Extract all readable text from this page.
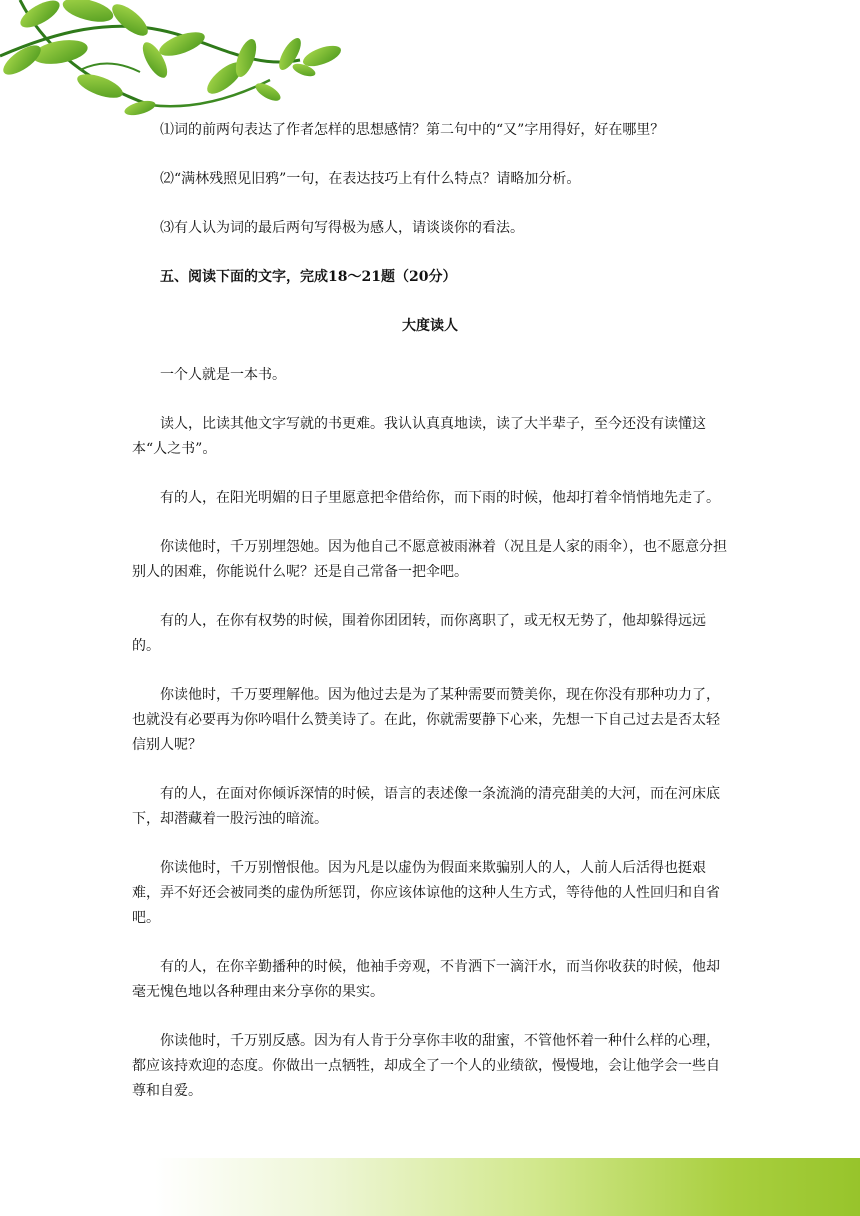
⑴词的前两句表达了作者怎样的思想感情？第二句中的“又”字用得好，好在哪里？

⑵“满林残照见旧鸦”一句，在表达技巧上有什么特点？请略加分析。

⑶有人认为词的最后两句写得极为感人，请谈谈你的看法。

五、阅读下面的文字，完成18～21题（20分）

大度读人

一个人就是一本书。

读人，比读其他文字写就的书更难。我认认真真地读，读了大半辈子，至今还没有读懂这本“人之书”。

有的人，在阳光明媚的日子里愿意把伞借给你，而下雨的时候，他却打着伞悄悄地先走了。

你读他时，千万别埋怨她。因为他自己不愿意被雨淋着（况且是人家的雨伞），也不愿意分担别人的困难，你能说什么呢？还是自己常备一把伞吧。

有的人，在你有权势的时候，围着你团团转，而你离职了，或无权无势了，他却躲得远远的。

你读他时，千万要理解他。因为他过去是为了某种需要而赞美你，现在你没有那种功力了，也就没有必要再为你吟唱什么赞美诗了。在此，你就需要静下心来，先想一下自己过去是否太轻信别人呢？

有的人，在面对你倾诉深情的时候，语言的表述像一条流淌的清亮甜美的大河，而在河床底下，却潜藏着一股污浊的暗流。

你读他时，千万别憎恨他。因为凡是以虚伪为假面来欺骗别人的人，人前人后活得也挺艰难，弄不好还会被同类的虚伪所惩罚，你应该体谅他的这种人生方式，等待他的人性回归和自省吧。

有的人，在你辛勤播种的时候，他袖手旁观，不肯洒下一滴汗水，而当你收获的时候，他却毫无愧色地以各种理由来分享你的果实。

你读他时，千万别反感。因为有人肯于分享你丰收的甜蜜，不管他怀着一种什么样的心理，都应该持欢迎的态度。你做出一点牺牲，却成全了一个人的业绩欲，慢慢地，会让他学会一些自尊和自爱。
